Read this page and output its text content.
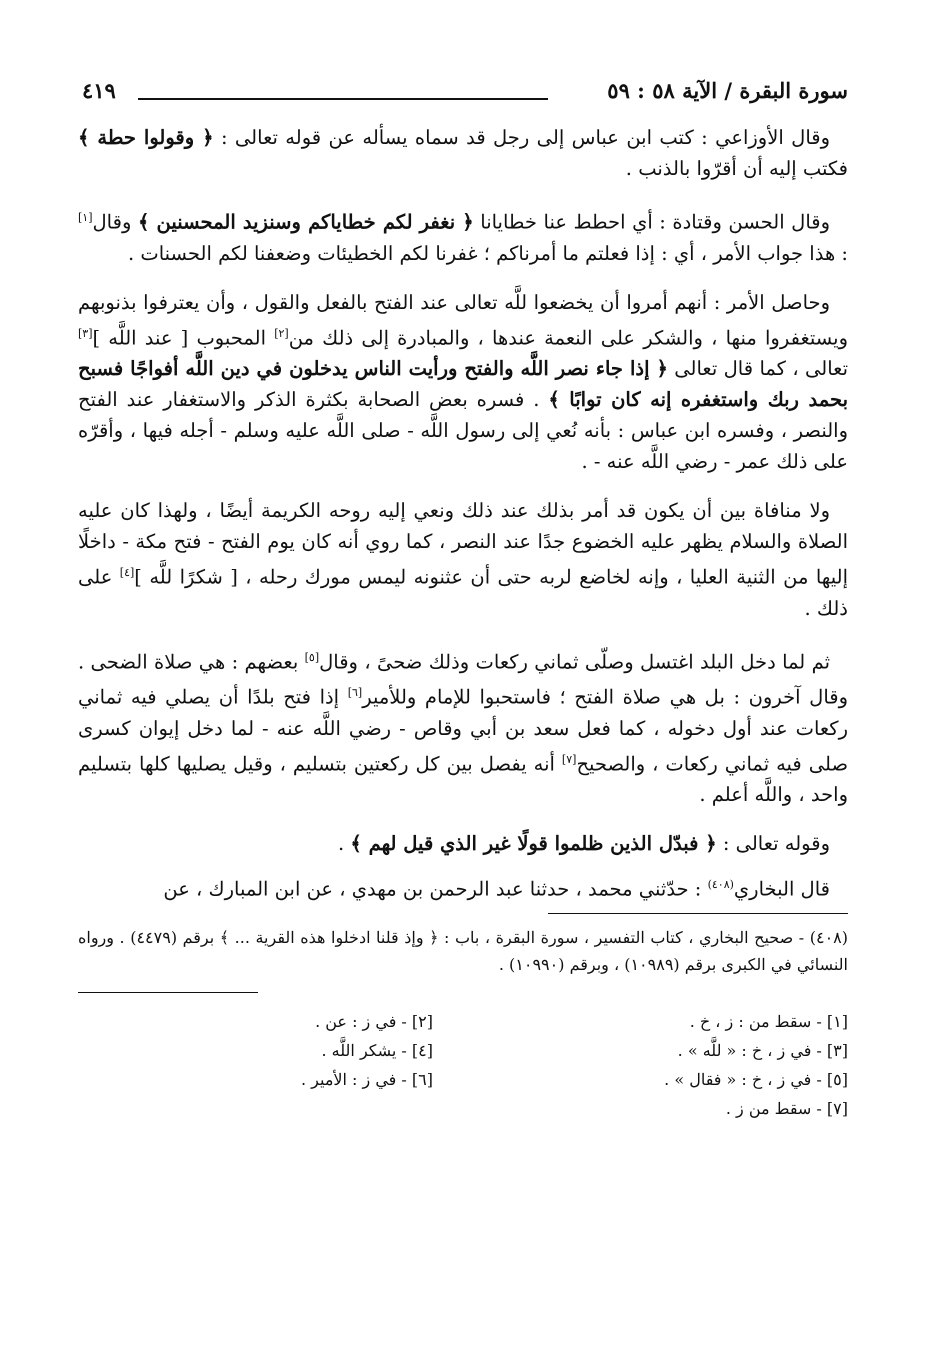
سورة البقرة / الآية ٥٨ : ٥٩
٤١٩

وقال الأوزاعي : كتب ابن عباس إلى رجل قد سماه يسأله عن قوله تعالى : ﴿ وقولوا حطة ﴾ فكتب إليه أن أقرّوا بالذنب .

وقال الحسن وقتادة : أي احطط عنا خطايانا ﴿ نغفر لكم خطاياكم وسنزيد المحسنين ﴾ وقال[١] : هذا جواب الأمر ، أي : إذا فعلتم ما أمرناكم ؛ غفرنا لكم الخطيئات وضعفنا لكم الحسنات .

وحاصل الأمر : أنهم أمروا أن يخضعوا للَّه تعالى عند الفتح بالفعل والقول ، وأن يعترفوا بذنوبهم ويستغفروا منها ، والشكر على النعمة عندها ، والمبادرة إلى ذلك من[٢] المحبوب [ عند اللَّه ][٣] تعالى ، كما قال تعالى ﴿ إذا جاء نصر اللَّه والفتح ورأيت الناس يدخلون في دين اللَّه أفواجًا فسبح بحمد ربك واستغفره إنه كان توابًا ﴾ . فسره بعض الصحابة بكثرة الذكر والاستغفار عند الفتح والنصر ، وفسره ابن عباس : بأنه نُعي إلى رسول اللَّه - صلى اللَّه عليه وسلم - أجله فيها ، وأقرّه على ذلك عمر - رضي اللَّه عنه - .

ولا منافاة بين أن يكون قد أمر بذلك عند ذلك ونعي إليه روحه الكريمة أيضًا ، ولهذا كان عليه الصلاة والسلام يظهر عليه الخضوع جدًا عند النصر ، كما روي أنه كان يوم الفتح - فتح مكة - داخلًا إليها من الثنية العليا ، وإنه لخاضع لربه حتى أن عثنونه ليمس مورك رحله ، [ شكرًا للَّه ][٤] على ذلك .

ثم لما دخل البلد اغتسل وصلّى ثماني ركعات وذلك ضحىً ، وقال[٥] بعضهم : هي صلاة الضحى . وقال آخرون : بل هي صلاة الفتح ؛ فاستحبوا للإمام وللأمير[٦] إذا فتح بلدًا أن يصلي فيه ثماني ركعات عند أول دخوله ، كما فعل سعد بن أبي وقاص - رضي اللَّه عنه - لما دخل إيوان كسرى صلى فيه ثماني ركعات ، والصحيح[٧] أنه يفصل بين كل ركعتين بتسليم ، وقيل يصليها كلها بتسليم واحد ، واللَّه أعلم .

وقوله تعالى : ﴿ فبدّل الذين ظلموا قولًا غير الذي قيل لهم ﴾ .

قال البخاري$^{(٤٠٨)}$ : حدّثني محمد ، حدثنا عبد الرحمن بن مهدي ، عن ابن المبارك ، عن

(٤٠٨) - صحيح البخاري ، كتاب التفسير ، سورة البقرة ، باب : ﴿ وإذ قلنا ادخلوا هذه القرية ... ﴾ برقم (٤٤٧٩) . ورواه النسائي في الكبرى برقم (١٠٩٨٩) ، وبرقم (١٠٩٩٠) .

[١] - سقط من : ز ، خ .
[٢] - في ز : عن .
[٣] - في ز ، خ : « للَّه » .
[٤] - يشكر اللَّه .
[٥] - في ز ، خ : « فقال » .
[٦] - في ز : الأمير .
[٧] - سقط من ز .
